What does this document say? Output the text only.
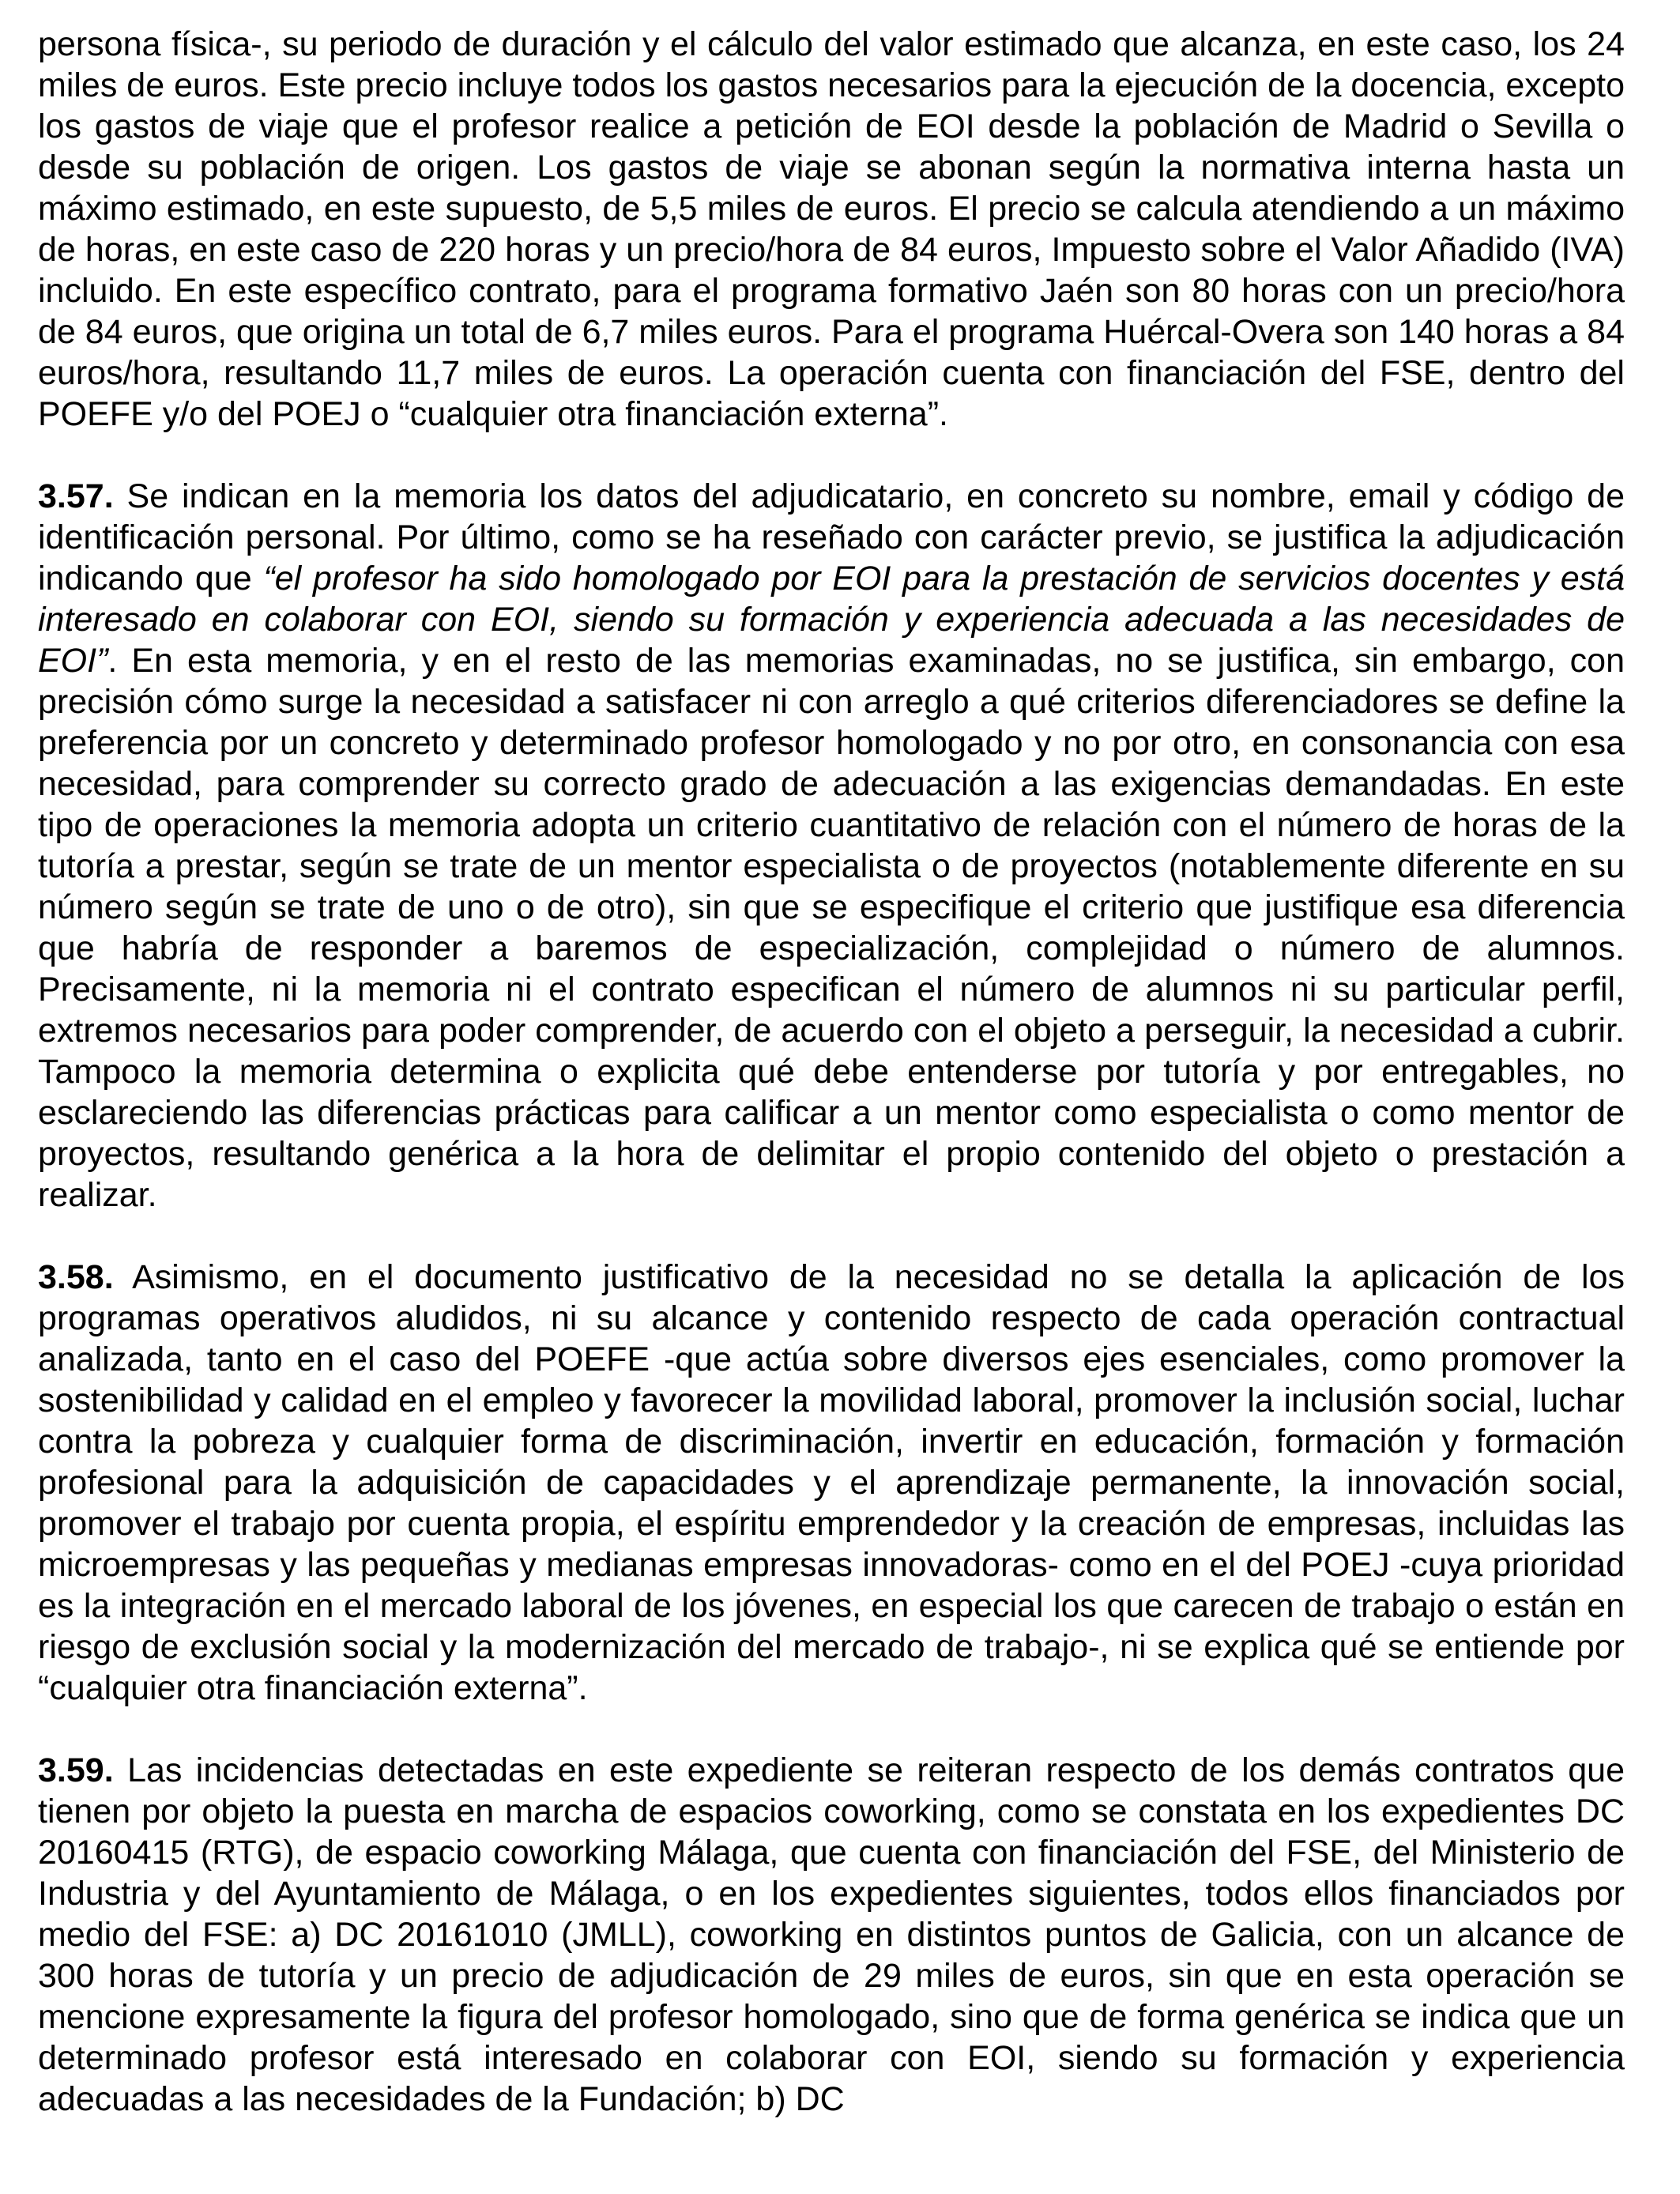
persona física-, su periodo de duración y el cálculo del valor estimado que alcanza, en este caso, los 24 miles de euros. Este precio incluye todos los gastos necesarios para la ejecución de la docencia, excepto los gastos de viaje que el profesor realice a petición de EOI desde la población de Madrid o Sevilla o desde su población de origen. Los gastos de viaje se abonan según la normativa interna hasta un máximo estimado, en este supuesto, de 5,5 miles de euros. El precio se calcula atendiendo a un máximo de horas, en este caso de 220 horas y un precio/hora de 84 euros, Impuesto sobre el Valor Añadido (IVA) incluido. En este específico contrato, para el programa formativo Jaén son 80 horas con un precio/hora de 84 euros, que origina un total de 6,7 miles euros. Para el programa Huércal-Overa son 140 horas a 84 euros/hora, resultando 11,7 miles de euros. La operación cuenta con financiación del FSE, dentro del POEFE y/o del POEJ o “cualquier otra financiación externa”.

3.57. Se indican en la memoria los datos del adjudicatario, en concreto su nombre, email y código de identificación personal. Por último, como se ha reseñado con carácter previo, se justifica la adjudicación indicando que “el profesor ha sido homologado por EOI para la prestación de servicios docentes y está interesado en colaborar con EOI, siendo su formación y experiencia adecuada a las necesidades de EOI”. En esta memoria, y en el resto de las memorias examinadas, no se justifica, sin embargo, con precisión cómo surge la necesidad a satisfacer ni con arreglo a qué criterios diferenciadores se define la preferencia por un concreto y determinado profesor homologado y no por otro, en consonancia con esa necesidad, para comprender su correcto grado de adecuación a las exigencias demandadas. En este tipo de operaciones la memoria adopta un criterio cuantitativo de relación con el número de horas de la tutoría a prestar, según se trate de un mentor especialista o de proyectos (notablemente diferente en su número según se trate de uno o de otro), sin que se especifique el criterio que justifique esa diferencia que habría de responder a baremos de especialización, complejidad o número de alumnos. Precisamente, ni la memoria ni el contrato especifican el número de alumnos ni su particular perfil, extremos necesarios para poder comprender, de acuerdo con el objeto a perseguir, la necesidad a cubrir. Tampoco la memoria determina o explicita qué debe entenderse por tutoría y por entregables, no esclareciendo las diferencias prácticas para calificar a un mentor como especialista o como mentor de proyectos, resultando genérica a la hora de delimitar el propio contenido del objeto o prestación a realizar.

3.58. Asimismo, en el documento justificativo de la necesidad no se detalla la aplicación de los programas operativos aludidos, ni su alcance y contenido respecto de cada operación contractual analizada, tanto en el caso del POEFE -que actúa sobre diversos ejes esenciales, como promover la sostenibilidad y calidad en el empleo y favorecer la movilidad laboral, promover la inclusión social, luchar contra la pobreza y cualquier forma de discriminación, invertir en educación, formación y formación profesional para la adquisición de capacidades y el aprendizaje permanente, la innovación social, promover el trabajo por cuenta propia, el espíritu emprendedor y la creación de empresas, incluidas las microempresas y las pequeñas y medianas empresas innovadoras- como en el del POEJ -cuya prioridad es la integración en el mercado laboral de los jóvenes, en especial los que carecen de trabajo o están en riesgo de exclusión social y la modernización del mercado de trabajo-, ni se explica qué se entiende por “cualquier otra financiación externa”.

3.59. Las incidencias detectadas en este expediente se reiteran respecto de los demás contratos que tienen por objeto la puesta en marcha de espacios coworking, como se constata en los expedientes DC 20160415 (RTG), de espacio coworking Málaga, que cuenta con financiación del FSE, del Ministerio de Industria y del Ayuntamiento de Málaga, o en los expedientes siguientes, todos ellos financiados por medio del FSE: a) DC 20161010 (JMLL), coworking en distintos puntos de Galicia, con un alcance de 300 horas de tutoría y un precio de adjudicación de 29 miles de euros, sin que en esta operación se mencione expresamente la figura del profesor homologado, sino que de forma genérica se indica que un determinado profesor está interesado en colaborar con EOI, siendo su formación y experiencia adecuadas a las necesidades de la Fundación; b) DC
